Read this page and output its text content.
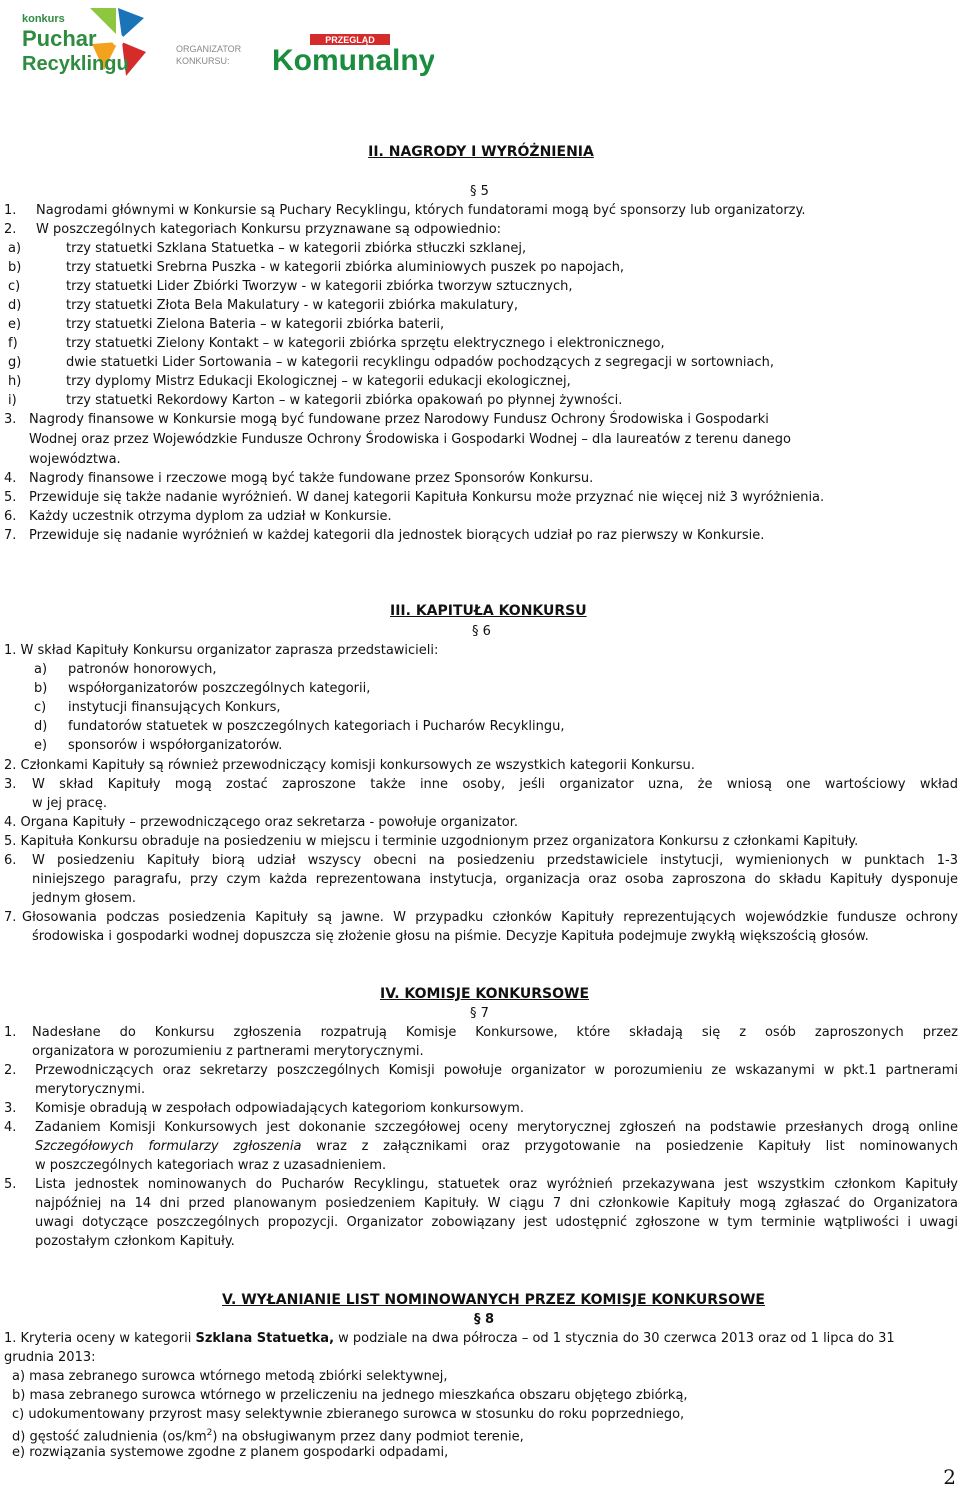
konkurs
Puchar
Recyklingu
ORGANIZATOR
KONKURSU:
PRZEGLĄD
Komunalny
II. NAGRODY I WYRÓŻNIENIA
§ 5
1. Nagrodami głównymi w Konkursie są Puchary Recyklingu, których fundatorami mogą być sponsorzy lub organizatorzy.
2. W poszczególnych kategoriach Konkursu przyznawane są odpowiednio:
a)	trzy statuetki Szklana Statuetka – w kategorii zbiórka stłuczki szklanej,
b)	trzy statuetki Srebrna Puszka - w kategorii zbiórka aluminiowych puszek po napojach,
c)	trzy statuetki Lider Zbiórki Tworzyw - w kategorii zbiórka tworzyw sztucznych,
d)	trzy statuetki Złota Bela Makulatury - w kategorii zbiórka makulatury,
e)	trzy statuetki Zielona Bateria – w kategorii zbiórka baterii,
f)	trzy statuetki Zielony Kontakt – w kategorii zbiórka sprzętu elektrycznego i elektronicznego,
g)	dwie statuetki Lider Sortowania – w kategorii recyklingu odpadów pochodzących z segregacji w sortowniach,
h)	trzy dyplomy Mistrz Edukacji Ekologicznej – w kategorii edukacji ekologicznej,
i)	trzy statuetki Rekordowy Karton – w kategorii zbiórka opakowań po płynnej żywności.
3. Nagrody finansowe w Konkursie mogą być fundowane przez Narodowy Fundusz Ochrony Środowiska i Gospodarki
Wodnej oraz przez Wojewódzkie Fundusze Ochrony Środowiska i Gospodarki Wodnej – dla laureatów z terenu danego
województwa.
4. Nagrody finansowe i rzeczowe mogą być także fundowane przez Sponsorów Konkursu.
5. Przewiduje się także nadanie wyróżnień. W danej kategorii Kapituła Konkursu może przyznać nie więcej niż 3 wyróżnienia.
6. Każdy uczestnik otrzyma dyplom za udział w Konkursie.
7. Przewiduje się nadanie wyróżnień w każdej kategorii dla jednostek biorących udział po raz pierwszy w Konkursie.
III. KAPITUŁA KONKURSU
§ 6
1. W skład Kapituły Konkursu organizator zaprasza przedstawicieli:
a) patronów honorowych,
b) współorganizatorów poszczególnych kategorii,
c) instytucji finansujących Konkurs,
d) fundatorów statuetek w poszczególnych kategoriach i Pucharów Recyklingu,
e) sponsorów i współorganizatorów.
2. Członkami Kapituły są również przewodniczący komisji konkursowych ze wszystkich kategorii Konkursu.
3. W skład Kapituły mogą zostać zaproszone także inne osoby, jeśli organizator uzna, że wniosą one wartościowy wkład
w jej pracę.
4. Organa Kapituły – przewodniczącego oraz sekretarza - powołuje organizator.
5. Kapituła Konkursu obraduje na posiedzeniu w miejscu i terminie uzgodnionym przez organizatora Konkursu z członkami Kapituły.
6. W posiedzeniu Kapituły biorą udział wszyscy obecni na posiedzeniu przedstawiciele instytucji, wymienionych w punktach 1-3
niniejszego paragrafu, przy czym każda reprezentowana instytucja, organizacja oraz osoba zaproszona do składu Kapituły dysponuje
jednym głosem.
7. Głosowania podczas posiedzenia Kapituły są jawne. W przypadku członków Kapituły reprezentujących wojewódzkie fundusze ochrony
środowiska i gospodarki wodnej dopuszcza się złożenie głosu na piśmie. Decyzje Kapituła podejmuje zwykłą większością głosów.
IV. KOMISJE KONKURSOWE
§ 7
1. Nadesłane do Konkursu zgłoszenia rozpatrują Komisje Konkursowe, które składają się z osób zaproszonych przez
organizatora w porozumieniu z partnerami merytorycznymi.
2. Przewodniczących oraz sekretarzy poszczególnych Komisji powołuje organizator w porozumieniu ze wskazanymi w pkt.1 partnerami
merytorycznymi.
3. Komisje obradują w zespołach odpowiadających kategoriom konkursowym.
4. Zadaniem Komisji Konkursowych jest dokonanie szczegółowej oceny merytorycznej zgłoszeń na podstawie przesłanych drogą online
Szczegółowych formularzy zgłoszenia wraz z załącznikami oraz przygotowanie na posiedzenie Kapituły list nominowanych
w poszczególnych kategoriach wraz z uzasadnieniem.
5. Lista jednostek nominowanych do Pucharów Recyklingu, statuetek oraz wyróżnień przekazywana jest wszystkim członkom Kapituły
najpóźniej na 14 dni przed planowanym posiedzeniem Kapituły. W ciągu 7 dni członkowie Kapituły mogą zgłaszać do Organizatora
uwagi dotyczące poszczególnych propozycji. Organizator zobowiązany jest udostępnić zgłoszone w tym terminie wątpliwości i uwagi
pozostałym członkom Kapituły.
V. WYŁANIANIE LIST NOMINOWANYCH PRZEZ KOMISJE KONKURSOWE
§ 8
1. Kryteria oceny w kategorii Szklana Statuetka, w podziale na dwa półrocza – od 1 stycznia do 30 czerwca 2013 oraz od 1 lipca do 31
grudnia 2013:
a) masa zebranego surowca wtórnego metodą zbiórki selektywnej,
b) masa zebranego surowca wtórnego w przeliczeniu na jednego mieszkańca obszaru objętego zbiórką,
c) udokumentowany przyrost masy selektywnie zbieranego surowca w stosunku do roku poprzedniego,
d) gęstość zaludnienia $(os/km^2)$ na obsługiwanym przez dany podmiot terenie,
e) rozwiązania systemowe zgodne z planem gospodarki odpadami,
2
